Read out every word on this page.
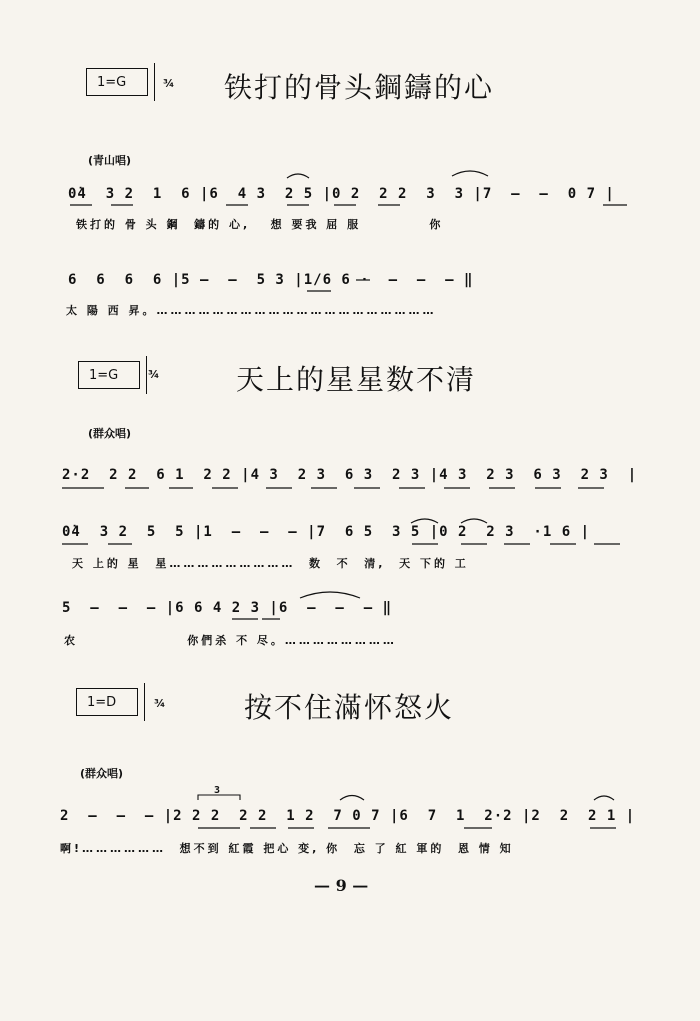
1=G	¾ 铁打的骨头鋼鑄的心
(青山唱)
0̇4  3 2  1  6 |6  4 3  2 5 |0 2  2 2  3  3 |7  —  —  0 7 |
铁打的 骨 头 鋼  鑄的 心,   想 要我 屈 服          你
6  6  6  6 |5 —  —  5 3 |1/6 6 ·  —  —  — ‖
太 陽 西 昇。……………………………………………………
1=G	¾	天上的星星数不清
(群众唱)
2·2  2 2  6 1  2 2 |4 3  2 3  6 3  2 3 |4 3  2 3  6 3  2 3  |
0̇4  3 2  5  5 |1  —  —  — |7  6 5  3 5 |0 2  2 3  ·1 6 |
天 上的 星  星………………………  数  不  清,  天 下的 工
5  —  —  — |6 6 4 2 3 |6  —  —  — ‖
农                你們杀 不 尽。……………………
1=D	¾	按不住滿怀怒火
(群众唱)
3
2  —  —  — |2 2 2  2 2  1 2  7 0 7 |6  7  1  2·2 |2  2  2 1 |
啊!………………  想不到 紅霞 把心 变, 你  忘 了 紅 軍的  恩 情 知
— 9 —
